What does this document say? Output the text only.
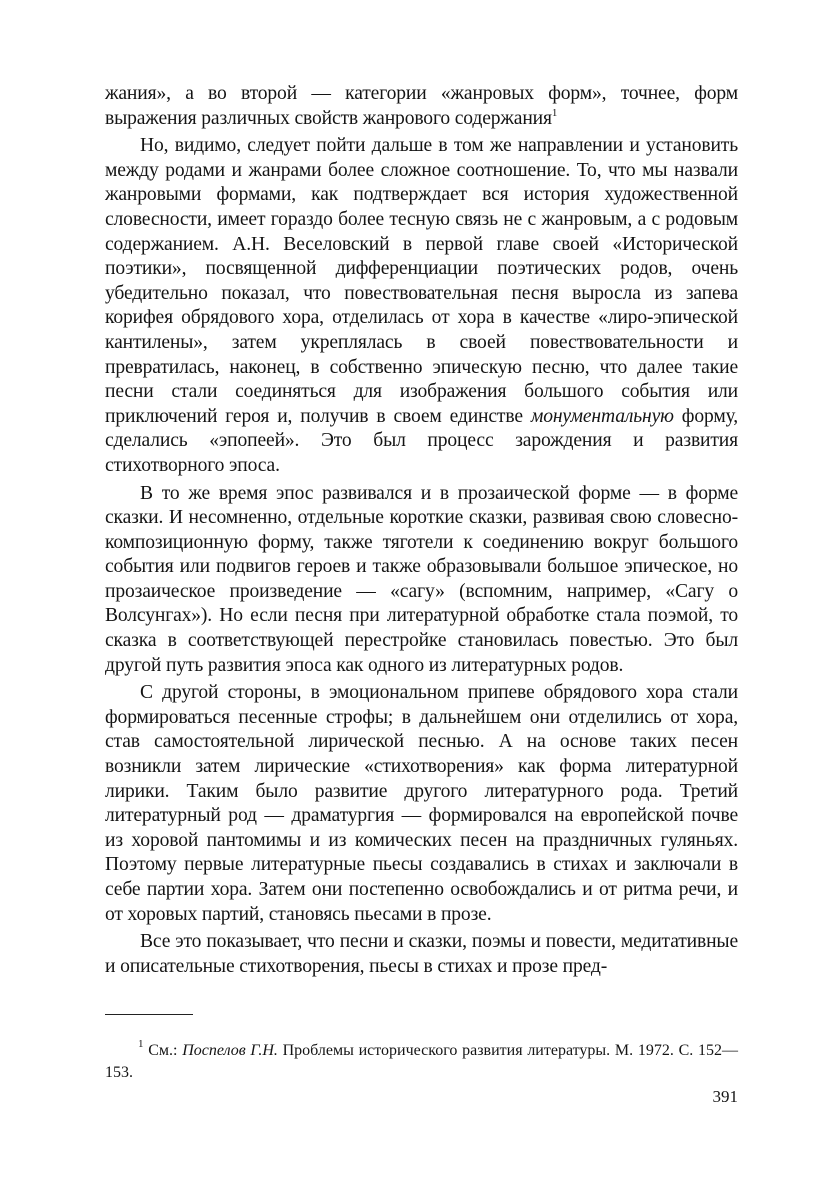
жания», а во второй — категории «жанровых форм», точнее, форм выражения различных свойств жанрового содержания$^1$

Но, видимо, следует пойти дальше в том же направлении и установить между родами и жанрами более сложное соотношение. То, что мы назвали жанровыми формами, как подтверждает вся история художественной словесности, имеет гораздо более тесную связь не с жанровым, а с родовым содержанием. А.Н. Веселовский в первой главе своей «Исторической поэтики», посвященной дифференциации поэтических родов, очень убедительно показал, что повествовательная песня выросла из запева корифея обрядового хора, отделилась от хора в качестве «лиро-эпической кантилены», затем укреплялась в своей повествовательности и превратилась, наконец, в собственно эпическую песню, что далее такие песни стали соединяться для изображения большого события или приключений героя и, получив в своем единстве монументальную форму, сделались «эпопеей». Это был процесс зарождения и развития стихотворного эпоса.

В то же время эпос развивался и в прозаической форме — в форме сказки. И несомненно, отдельные короткие сказки, развивая свою словесно-композиционную форму, также тяготели к соединению вокруг большого события или подвигов героев и также образовывали большое эпическое, но прозаическое произведение — «сагу» (вспомним, например, «Сагу о Волсунгах»). Но если песня при литературной обработке стала поэмой, то сказка в соответствующей перестройке становилась повестью. Это был другой путь развития эпоса как одного из литературных родов.

С другой стороны, в эмоциональном припеве обрядового хора стали формироваться песенные строфы; в дальнейшем они отделились от хора, став самостоятельной лирической песнью. А на основе таких песен возникли затем лирические «стихотворения» как форма литературной лирики. Таким было развитие другого литературного рода. Третий литературный род — драматургия — формировался на европейской почве из хоровой пантомимы и из комических песен на праздничных гуляньях. Поэтому первые литературные пьесы создавались в стихах и заключали в себе партии хора. Затем они постепенно освобождались и от ритма речи, и от хоровых партий, становясь пьесами в прозе.

Все это показывает, что песни и сказки, поэмы и повести, медитативные и описательные стихотворения, пьесы в стихах и прозе пред-

$^1$ См.: Поспелов Г.Н. Проблемы исторического развития литературы. М. 1972. С. 152—153.
391
